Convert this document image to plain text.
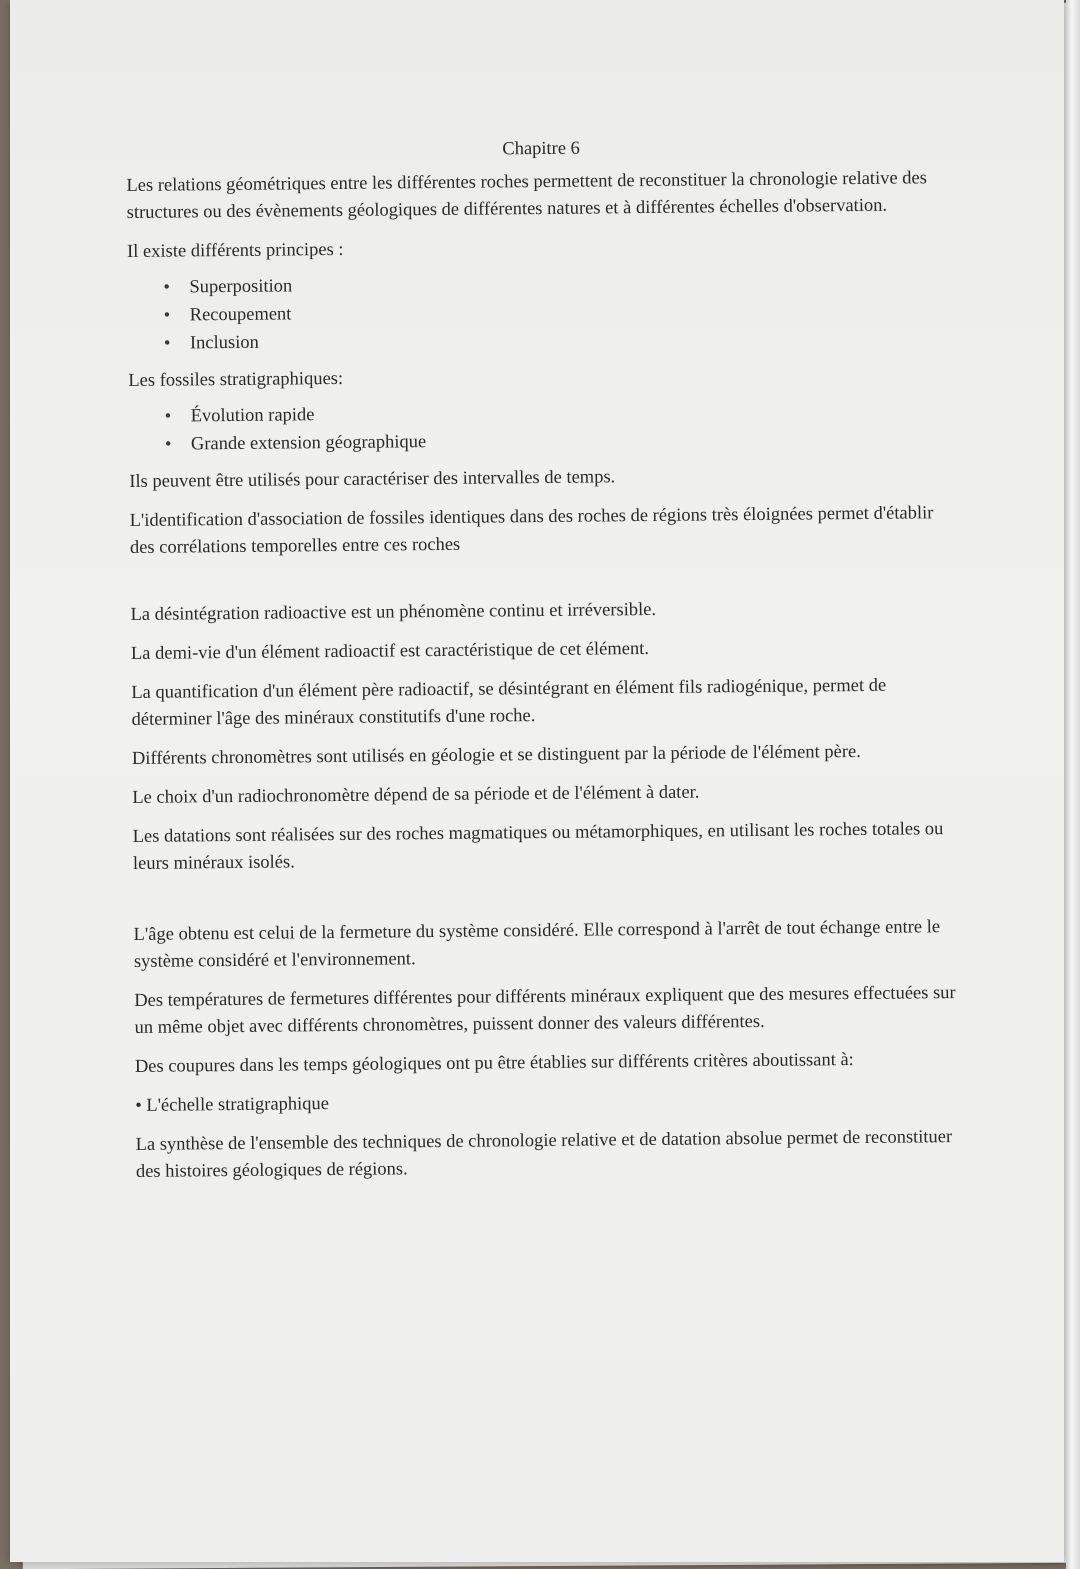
Chapitre 6

Les relations géométriques entre les différentes roches permettent de reconstituer la chronologie relative des structures ou des évènements géologiques de différentes natures et à différentes échelles d'observation.

Il existe différents principes :

• Superposition
• Recoupement
• Inclusion

Les fossiles stratigraphiques:

• Évolution rapide
• Grande extension géographique

Ils peuvent être utilisés pour caractériser des intervalles de temps.

L'identification d'association de fossiles identiques dans des roches de régions très éloignées permet d'établir des corrélations temporelles entre ces roches

La désintégration radioactive est un phénomène continu et irréversible.

La demi-vie d'un élément radioactif est caractéristique de cet élément.

La quantification d'un élément père radioactif, se désintégrant en élément fils radiogénique, permet de déterminer l'âge des minéraux constitutifs d'une roche.

Différents chronomètres sont utilisés en géologie et se distinguent par la période de l'élément père.

Le choix d'un radiochronomètre dépend de sa période et de l'élément à dater.

Les datations sont réalisées sur des roches magmatiques ou métamorphiques, en utilisant les roches totales ou leurs minéraux isolés.

L'âge obtenu est celui de la fermeture du système considéré. Elle correspond à l'arrêt de tout échange entre le système considéré et l'environnement.

Des températures de fermetures différentes pour différents minéraux expliquent que des mesures effectuées sur un même objet avec différents chronomètres, puissent donner des valeurs différentes.

Des coupures dans les temps géologiques ont pu être établies sur différents critères aboutissant à:

• L'échelle stratigraphique

La synthèse de l'ensemble des techniques de chronologie relative et de datation absolue permet de reconstituer des histoires géologiques de régions.
